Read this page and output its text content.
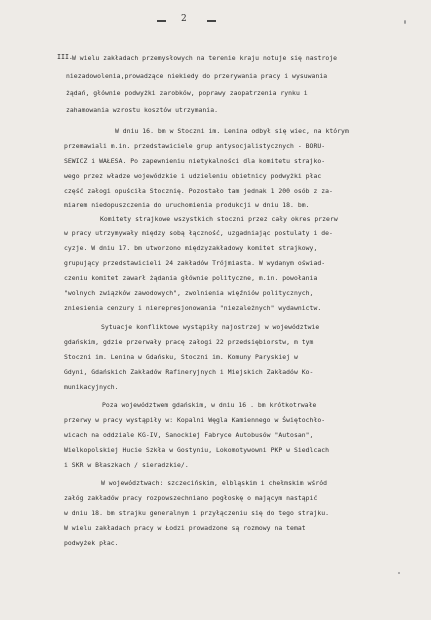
2
III. W wielu zakładach przemysłowych na terenie kraju notuje się nastroje
niezadowolenia,prowadzące niekiedy do przerywania pracy i wysuwania
żądań, głównie podwyżki zarobków, poprawy zaopatrzenia rynku i
zahamowania wzrostu kosztów utrzymania.
W dniu 16. bm w Stoczni im. Lenina odbył się wiec, na którym
przemawiali m.in. przedstawiciele grup antysocjalistycznych - BORU-
SEWICZ i WAŁESA. Po zapewnieniu nietykalności dla komitetu strajko-
wego przez władze wojewódzkie i udzieleniu obietnicy podwyżki płac
część załogi opuściła Stocznię. Pozostało tam jednak 1 200 osób z za-
miarem niedopuszczenia do uruchomienia produkcji w dniu 18. bm.
Komitety strajkowe wszystkich stoczni przez cały okres przerw
w pracy utrzymywały między sobą łączność, uzgadniając postulaty i de-
cyzje. W dniu 17. bm utworzono międzyzakładowy komitet strajkowy,
grupujący przedstawicieli 24 zakładów Trójmiasta. W wydanym oświad-
czeniu komitet zawarł żądania głównie polityczne, m.in. powołania
"wolnych związków zawodowych", zwolnienia więźniów politycznych,
zniesienia cenzury i nierepresjonowania "niezależnych" wydawnictw.
Sytuacje konfliktowe wystąpiły najostrzej w województwie
gdańskim, gdzie przerwały pracę załogi 22 przedsiębiorstw, m tym
Stoczni im. Lenina w Gdańsku, Stoczni im. Komuny Paryskiej w
Gdyni, Gdańskich Zakładów Rafineryjnych i Miejskich Zakładów Ko-
munikacyjnych.
Poza województwem gdańskim, w dniu 16 . bm krótkotrwałe
przerwy w pracy wystąpiły w: Kopalni Węgla Kamiennego w Świętochło-
wicach na oddziale KG-IV, Sanockiej Fabryce Autobusów "Autosan",
Wielkopolskiej Hucie Szkła w Gostyniu, Lokomotywowni PKP w Siedlcach
i SKR w Błaszkach / sieradzkie/.
W województwach: szczecińskim, elbląskim i chełmskim wśród
załóg zakładów pracy rozpowszechniano pogłoskę o mającym nastąpić
w dniu 18. bm strajku generalnym i przyłączeniu się do tego strajku.
W wielu zakładach pracy w Łodzi prowadzone są rozmowy na temat
podwyżek płac.
